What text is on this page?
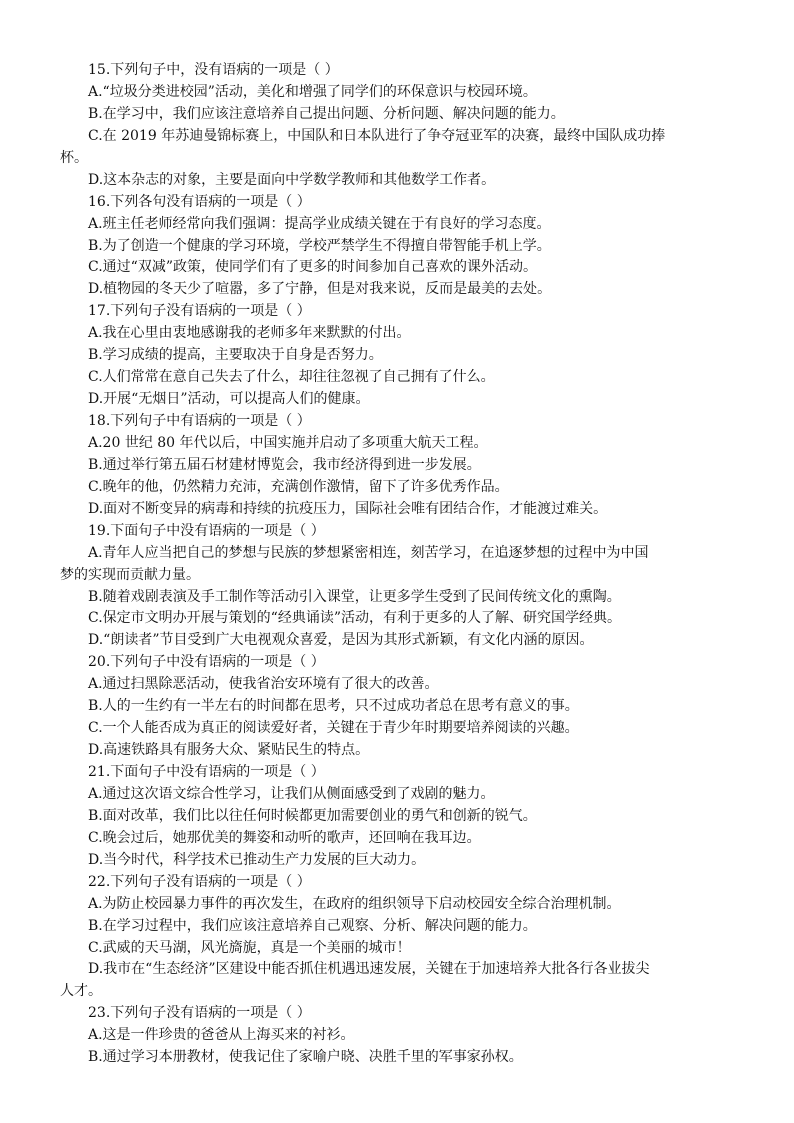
15.下列句子中，没有语病的一项是（ ）
A.“垃圾分类进校园”活动，美化和增强了同学们的环保意识与校园环境。
B.在学习中，我们应该注意培养自己提出问题、分析问题、解决问题的能力。
C.在 2019 年苏迪曼锦标赛上，中国队和日本队进行了争夺冠亚军的决赛，最终中国队成功捧
杯。
D.这本杂志的对象，主要是面向中学数学教师和其他数学工作者。
16.下列各句没有语病的一项是（ ）
A.班主任老师经常向我们强调：提高学业成绩关键在于有良好的学习态度。
B.为了创造一个健康的学习环境，学校严禁学生不得擅自带智能手机上学。
C.通过“双减”政策，使同学们有了更多的时间参加自己喜欢的课外活动。
D.植物园的冬天少了喧嚣，多了宁静，但是对我来说，反而是最美的去处。
17.下列句子没有语病的一项是（ ）
A.我在心里由衷地感谢我的老师多年来默默的付出。
B.学习成绩的提高，主要取决于自身是否努力。
C.人们常常在意自己失去了什么，却往往忽视了自己拥有了什么。
D.开展“无烟日”活动，可以提高人们的健康。
18.下列句子中有语病的一项是（ ）
A.20 世纪 80 年代以后，中国实施并启动了多项重大航天工程。
B.通过举行第五届石材建材博览会，我市经济得到进一步发展。
C.晚年的他，仍然精力充沛，充满创作激情，留下了许多优秀作品。
D.面对不断变异的病毒和持续的抗疫压力，国际社会唯有团结合作，才能渡过难关。
19.下面句子中没有语病的一项是（ ）
A.青年人应当把自己的梦想与民族的梦想紧密相连，刻苦学习，在追逐梦想的过程中为中国
梦的实现而贡献力量。
B.随着戏剧表演及手工制作等活动引入课堂，让更多学生受到了民间传统文化的熏陶。
C.保定市文明办开展与策划的“经典诵读”活动，有利于更多的人了解、研究国学经典。
D.“朗读者”节目受到广大电视观众喜爱，是因为其形式新颖，有文化内涵的原因。
20.下列句子中没有语病的一项是（ ）
A.通过扫黑除恶活动，使我省治安环境有了很大的改善。
B.人的一生约有一半左右的时间都在思考，只不过成功者总在思考有意义的事。
C.一个人能否成为真正的阅读爱好者，关键在于青少年时期要培养阅读的兴趣。
D.高速铁路具有服务大众、紧贴民生的特点。
21.下面句子中没有语病的一项是（ ）
A.通过这次语文综合性学习，让我们从侧面感受到了戏剧的魅力。
B.面对改革，我们比以往任何时候都更加需要创业的勇气和创新的锐气。
C.晚会过后，她那优美的舞姿和动听的歌声，还回响在我耳边。
D.当今时代，科学技术已推动生产力发展的巨大动力。
22.下列句子没有语病的一项是（ ）
A.为防止校园暴力事件的再次发生，在政府的组织领导下启动校园安全综合治理机制。
B.在学习过程中，我们应该注意培养自己观察、分析、解决问题的能力。
C.武威的天马湖，风光旖旎，真是一个美丽的城市！
D.我市在“生态经济”区建设中能否抓住机遇迅速发展，关键在于加速培养大批各行各业拔尖
人才。
23.下列句子没有语病的一项是（ ）
A.这是一件珍贵的爸爸从上海买来的衬衫。
B.通过学习本册教材，使我记住了家喻户晓、决胜千里的军事家孙权。
